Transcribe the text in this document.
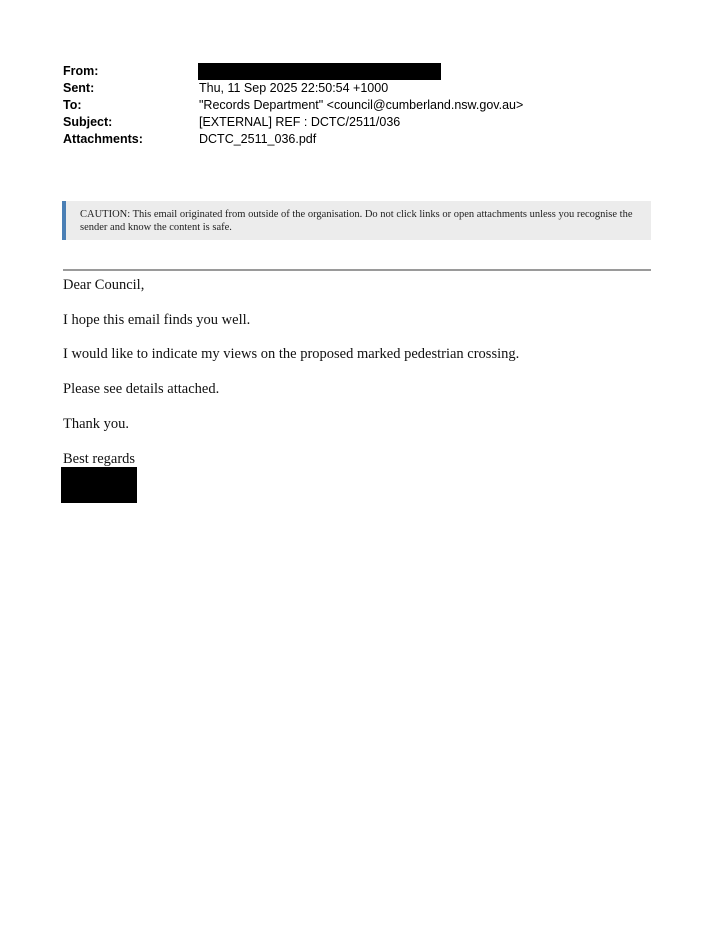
From:
Sent:	Thu, 11 Sep 2025 22:50:54 +1000
To:	"Records Department" <council@cumberland.nsw.gov.au>
Subject:	[EXTERNAL] REF : DCTC/2511/036
Attachments:	DCTC_2511_036.pdf
CAUTION: This email originated from outside of the organisation. Do not click links or open attachments unless you recognise the sender and know the content is safe.
Dear Council,
I hope this email finds you well.
I would like to indicate my views on the proposed marked pedestrian crossing.
Please see details attached.
Thank you.
Best regards
